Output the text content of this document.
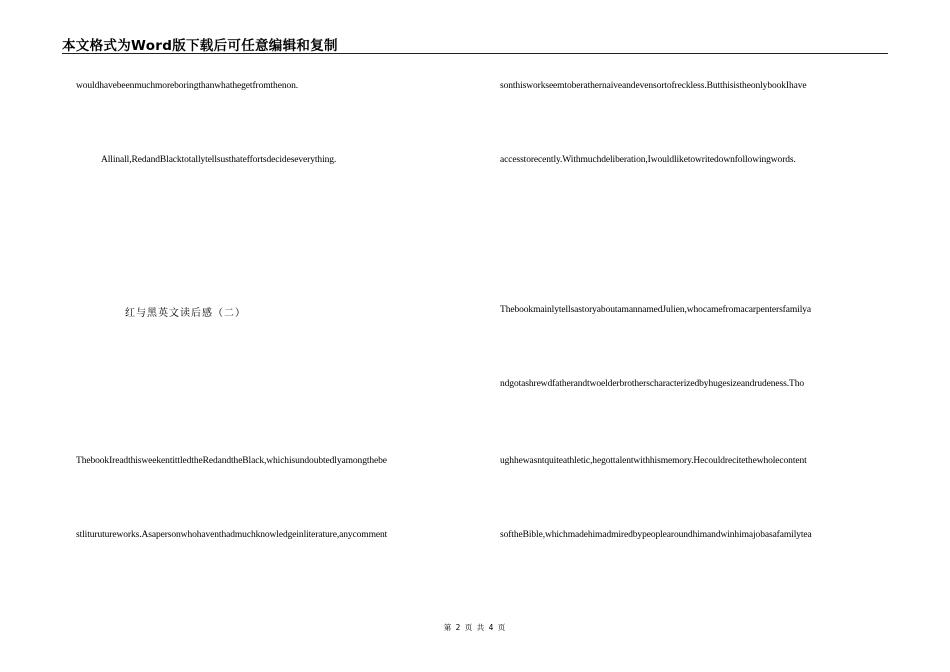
本文格式为Word版下载后可任意编辑和复制
wouldhavebeenmuchmoreboringthanwhathegetfromthenon.
Allinall,RedandBlacktotallytellsusthateffortsdecideseverything.
红与黑英文读后感（二）
ThebookIreadthisweekentittledtheRedandtheBlack,whichisundoubtedlyamongthebe
stliturutureworks.Asapersonwhohaventhadmuchknowledgeinliterature,anycomment
sonthisworkseemtoberathernaiveandevensortofreckless.ButthisistheonlybookIhave
accesstorecently.Withmuchdeliberation,Iwouldliketowritedownfollowingwords.
ThebookmainlytellsastoryaboutamannamedJulien,whocamefromacarpentersfamilya
ndgotashrewdfatherandtwoelderbrotherscharacterizedbyhugesizeandrudeness.Tho
ughhewasntquiteathletic,hegottalentwithhismemory.Hecouldrecitethewholecontent
softheBible,whichmadehimadmiredbypeoplearoundhimandwinhimajobasafamilytea
第 2 页 共 4 页
